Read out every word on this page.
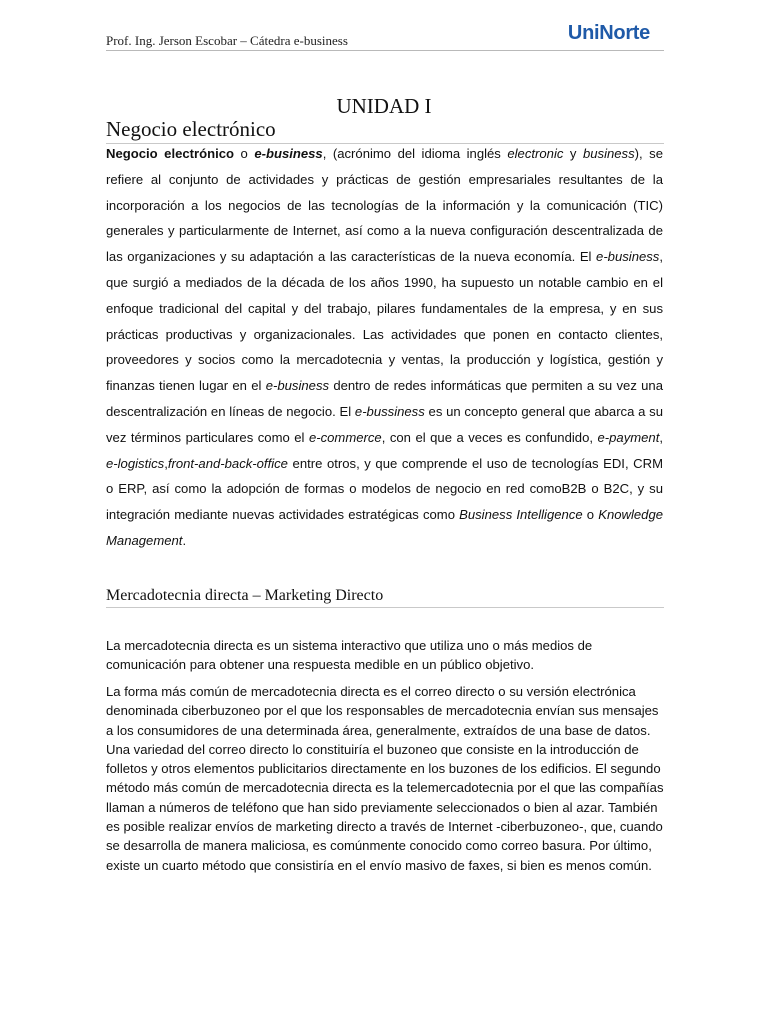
Prof. Ing. Jerson Escobar – Cátedra e-business	UniNorte
UNIDAD I
Negocio electrónico

Negocio electrónico o e-business, (acrónimo del idioma inglés electronic y business), se refiere al conjunto de actividades y prácticas de gestión empresariales resultantes de la incorporación a los negocios de las tecnologías de la información y la comunicación (TIC) generales y particularmente de Internet, así como a la nueva configuración descentralizada de las organizaciones y su adaptación a las características de la nueva economía. El e-business, que surgió a mediados de la década de los años 1990, ha supuesto un notable cambio en el enfoque tradicional del capital y del trabajo, pilares fundamentales de la empresa, y en sus prácticas productivas y organizacionales. Las actividades que ponen en contacto clientes, proveedores y socios como la mercadotecnia y ventas, la producción y logística, gestión y finanzas tienen lugar en el e-business dentro de redes informáticas que permiten a su vez una descentralización en líneas de negocio. El e-bussiness es un concepto general que abarca a su vez términos particulares como el e-commerce, con el que a veces es confundido, e-payment, e-logistics,front-and-back-office entre otros, y que comprende el uso de tecnologías EDI, CRM o ERP, así como la adopción de formas o modelos de negocio en red comoB2B o B2C, y su integración mediante nuevas actividades estratégicas como Business Intelligence o Knowledge Management.

Mercadotecnia directa – Marketing Directo

La mercadotecnia directa es un sistema interactivo que utiliza uno o más medios de comunicación para obtener una respuesta medible en un público objetivo.

La forma más común de mercadotecnia directa es el correo directo o su versión electrónica denominada ciberbuzoneo por el que los responsables de mercadotecnia envían sus mensajes a los consumidores de una determinada área, generalmente, extraídos de una base de datos. Una variedad del correo directo lo constituiría el buzoneo que consiste en la introducción de folletos y otros elementos publicitarios directamente en los buzones de los edificios. El segundo método más común de mercadotecnia directa es la telemercadotecnia por el que las compañías llaman a números de teléfono que han sido previamente seleccionados o bien al azar. También es posible realizar envíos de marketing directo a través de Internet -ciberbuzoneo-, que, cuando se desarrolla de manera maliciosa, es comúnmente conocido como correo basura. Por último, existe un cuarto método que consistiría en el envío masivo de faxes, si bien es menos común.
